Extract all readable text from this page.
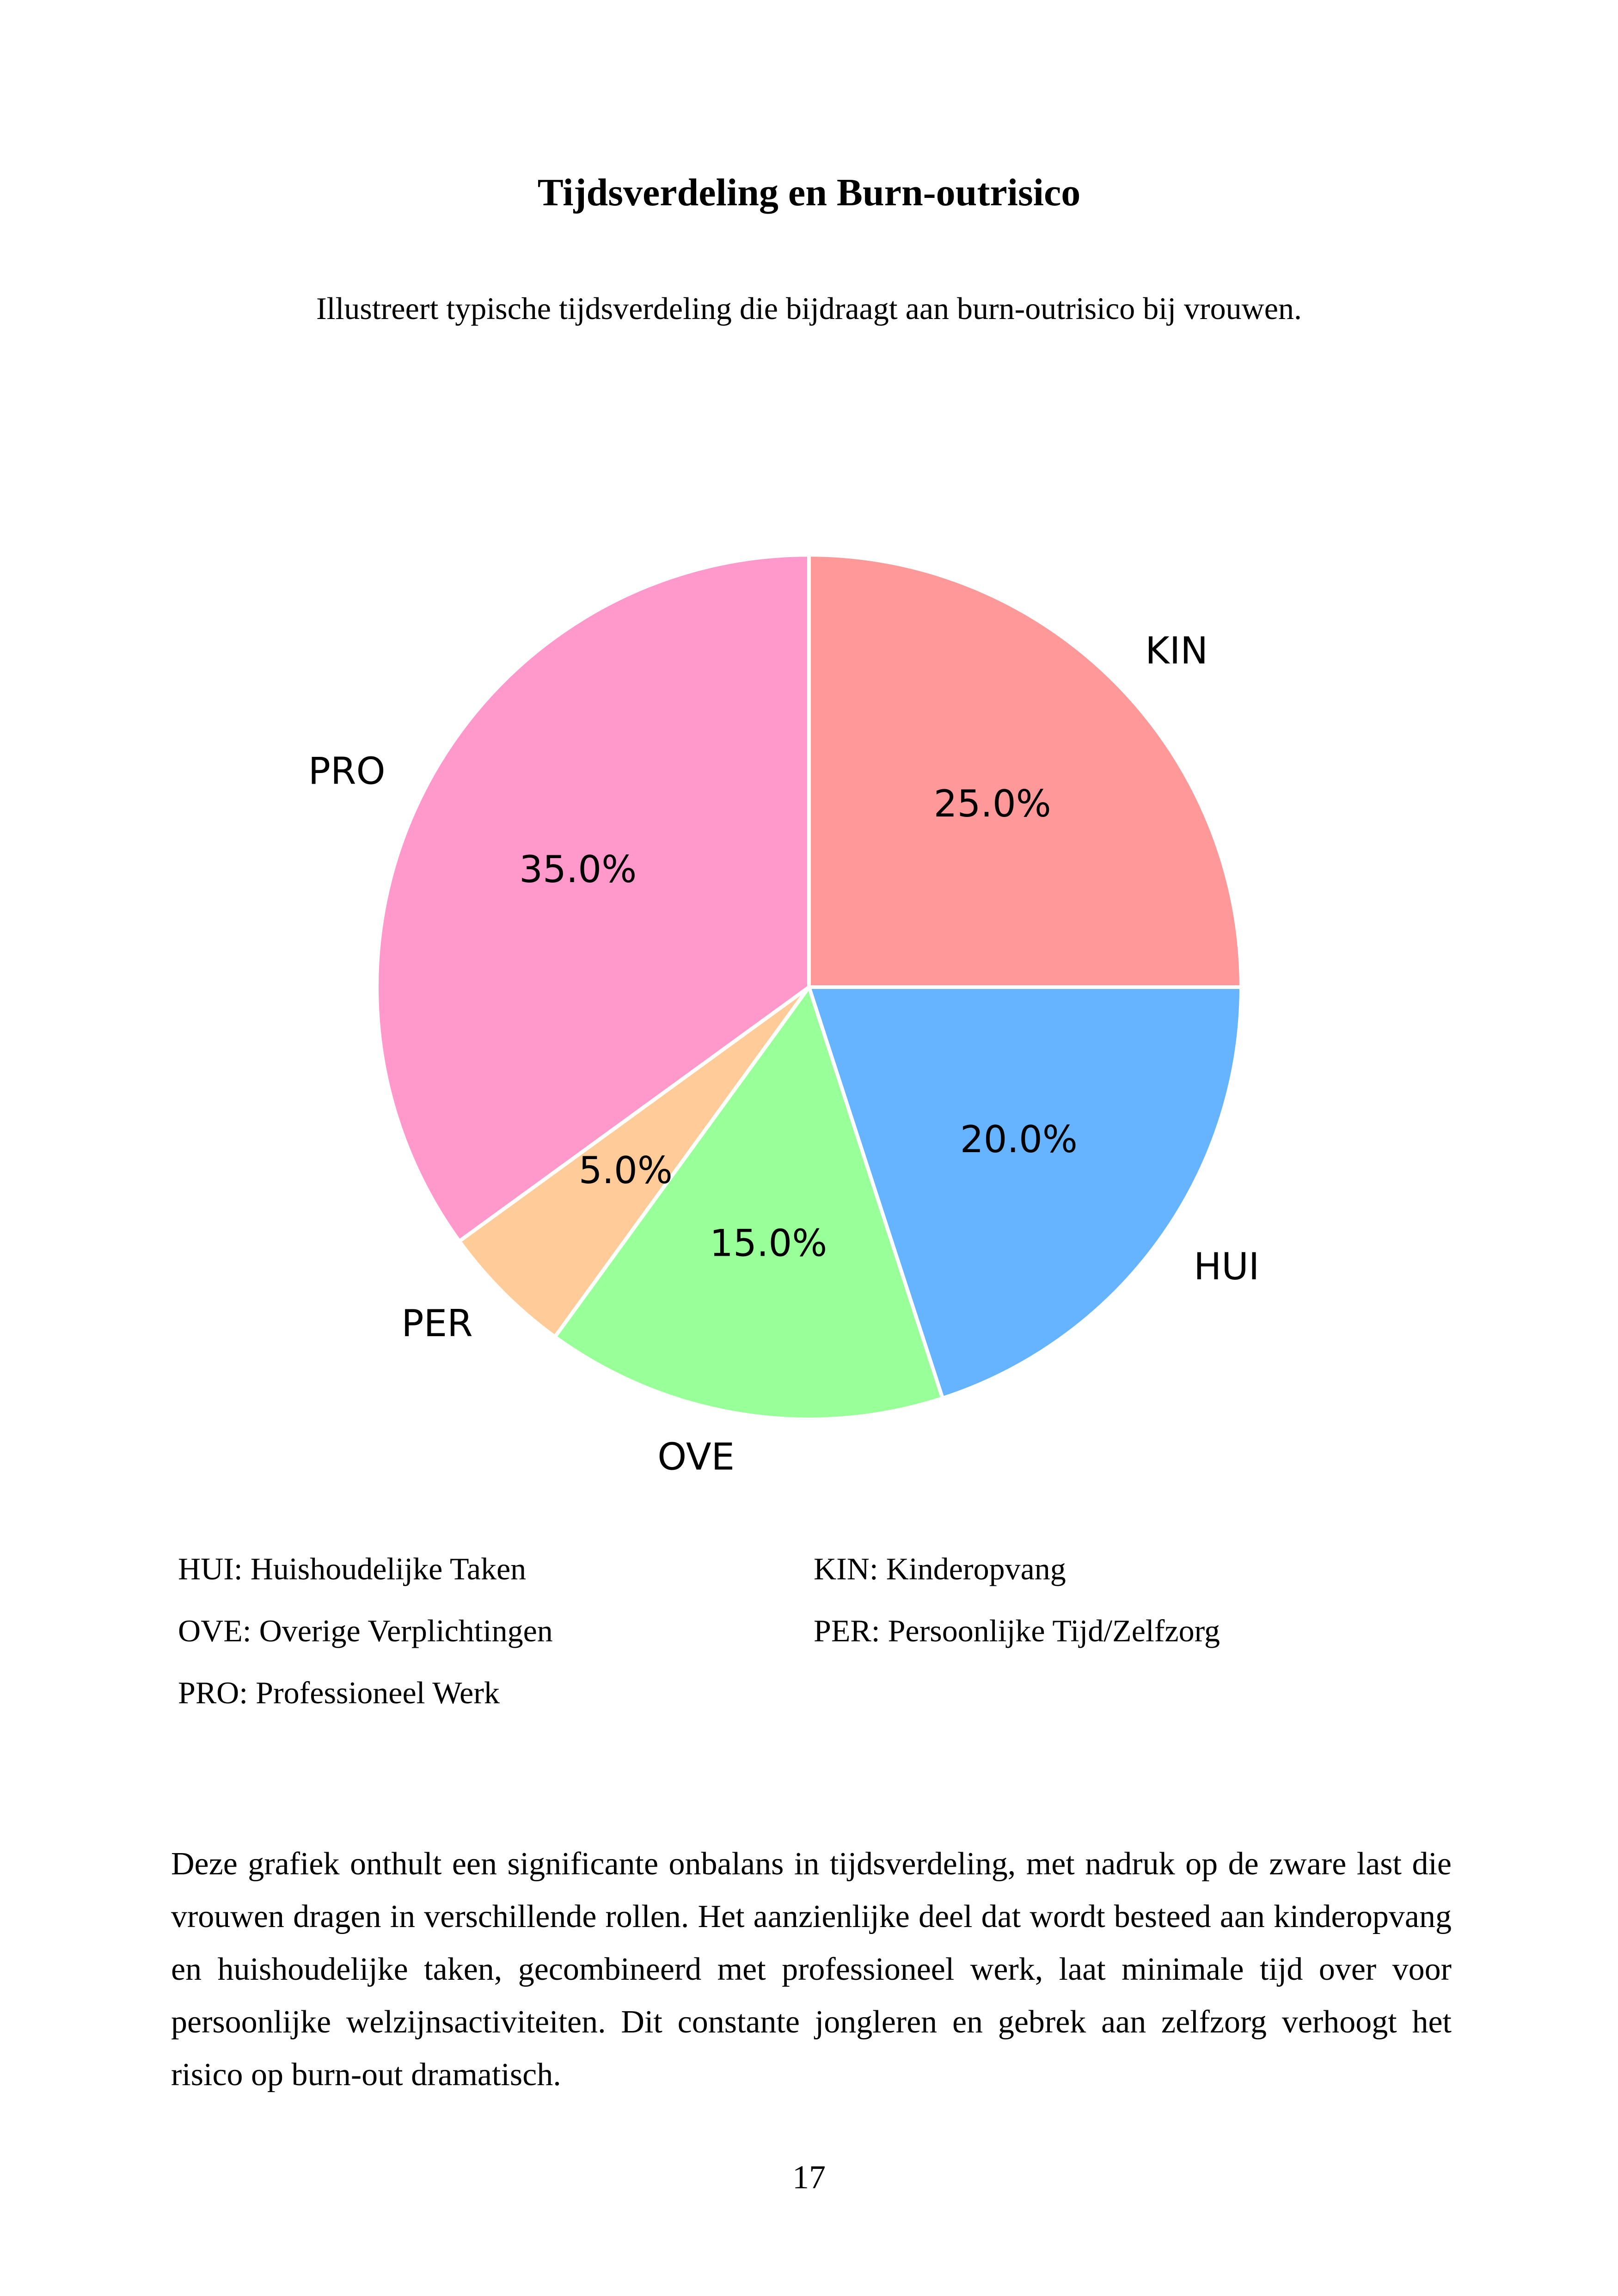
Tijdsverdeling en Burn-outrisico
Illustreert typische tijdsverdeling die bijdraagt aan burn-outrisico bij vrouwen.
25.0%
KIN
20.0%
HUI
15.0%
OVE
5.0%
PER
35.0%
PRO
HUI: Huishoudelijke Taken	KIN: Kinderopvang
OVE: Overige Verplichtingen	PER: Persoonlijke Tijd/Zelfzorg
PRO: Professioneel Werk
Deze grafiek onthult een significante onbalans in tijdsverdeling, met nadruk op de zware last die vrouwen dragen in verschillende rollen. Het aanzienlijke deel dat wordt besteed aan kinderopvang en huishoudelijke taken, gecombineerd met professioneel werk, laat minimale tijd over voor persoonlijke welzijnsactiviteiten. Dit constante jongleren en gebrek aan zelfzorg verhoogt het risico op burn-out dramatisch.
17
